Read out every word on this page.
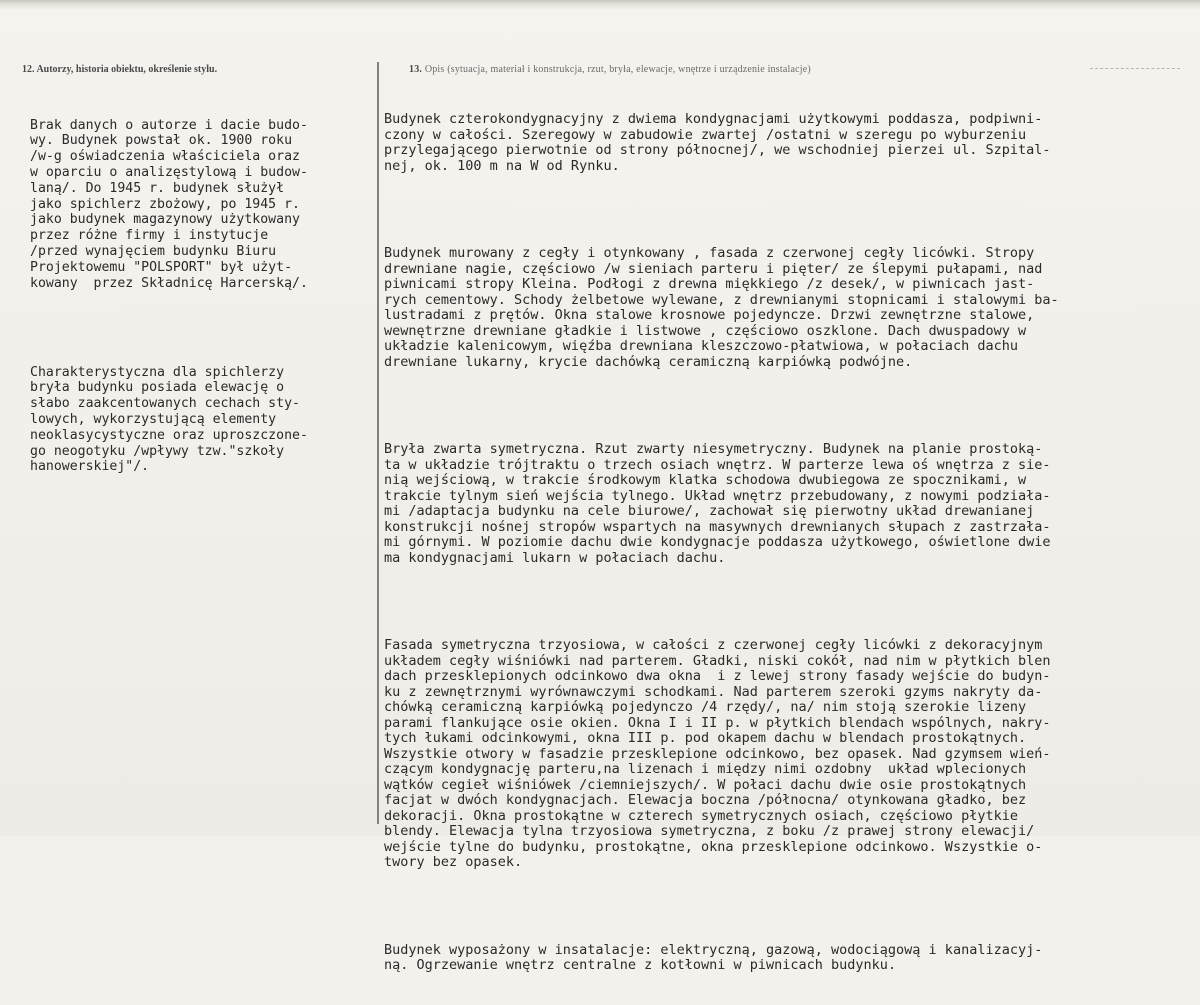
12. Autorzy, historia obiektu, określenie stylu.	13. Opis (sytuacja, materiał i konstrukcja, rzut, bryła, elewacje, wnętrze i urządzenie instalacje)

Brak danych o autorze i dacie budo-
wy. Budynek powstał ok. 1900 roku
/w-g oświadczenia właściciela oraz
w oparciu o analizęstylową i budow-
laną/. Do 1945 r. budynek służył
jako spichlerz zbożowy, po 1945 r.
jako budynek magazynowy użytkowany
przez różne firmy i instytucje
/przed wynajęciem budynku Biuru
Projektowemu "POLSPORT" był użyt-
kowany  przez Składnicę Harcerską/.

Charakterystyczna dla spichlerzy
bryła budynku posiada elewację o
słabo zaakcentowanych cechach sty-
lowych, wykorzystującą elementy
neoklasycystyczne oraz uproszczone-
go neogotyku /wpływy tzw."szkoły
hanowerskiej"/.

Budynek czterokondygnacyjny z dwiema kondygnacjami użytkowymi poddasza, podpiwni-
czony w całości. Szeregowy w zabudowie zwartej /ostatni w szeregu po wyburzeniu
przylegającego pierwotnie od strony północnej/, we wschodniej pierzei ul. Szpital-
nej, ok. 100 m na W od Rynku.

Budynek murowany z cegły i otynkowany , fasada z czerwonej cegły licówki. Stropy
drewniane nagie, częściowo /w sieniach parteru i pięter/ ze ślepymi pułapami, nad
piwnicami stropy Kleina. Podłogi z drewna miękkiego /z desek/, w piwnicach jast-
rych cementowy. Schody żelbetowe wylewane, z drewnianymi stopnicami i stalowymi ba-
lustradami z prętów. Okna stalowe krosnowe pojedyncze. Drzwi zewnętrzne stalowe,
wewnętrzne drewniane gładkie i listwowe , częściowo oszklone. Dach dwuspadowy w
układzie kalenicowym, więźba drewniana kleszczowo-płatwiowa, w połaciach dachu
drewniane lukarny, krycie dachówką ceramiczną karpiówką podwójne.

Bryła zwarta symetryczna. Rzut zwarty niesymetryczny. Budynek na planie prostoką-
ta w układzie trójtraktu o trzech osiach wnętrz. W parterze lewa oś wnętrza z sie-
nią wejściową, w trakcie środkowym klatka schodowa dwubiegowa ze spocznikami, w
trakcie tylnym sień wejścia tylnego. Układ wnętrz przebudowany, z nowymi podziała-
mi /adaptacja budynku na cele biurowe/, zachował się pierwotny układ drewanianej
konstrukcji nośnej stropów wspartych na masywnych drewnianych słupach z zastrzała-
mi górnymi. W poziomie dachu dwie kondygnacje poddasza użytkowego, oświetlone dwie
ma kondygnacjami lukarn w połaciach dachu.

Fasada symetryczna trzyosiowa, w całości z czerwonej cegły licówki z dekoracyjnym
układem cegły wiśniówki nad parterem. Gładki, niski cokół, nad nim w płytkich blen
dach przesklepionych odcinkowo dwa okna  i z lewej strony fasady wejście do budyn-
ku z zewnętrznymi wyrównawczymi schodkami. Nad parterem szeroki gzyms nakryty da-
chówką ceramiczną karpiówką pojedynczo /4 rzędy/, na/ nim stoją szerokie lizeny
parami flankujące osie okien. Okna I i II p. w płytkich blendach wspólnych, nakry-
tych łukami odcinkowymi, okna III p. pod okapem dachu w blendach prostokątnych.
Wszystkie otwory w fasadzie przesklepione odcinkowo, bez opasek. Nad gzymsem wień-
czącym kondygnację parteru,na lizenach i między nimi ozdobny  układ wplecionych
wątków cegieł wiśniówek /ciemniejszych/. W połaci dachu dwie osie prostokątnych
facjat w dwóch kondygnacjach. Elewacja boczna /północna/ otynkowana gładko, bez
dekoracji. Okna prostokątne w czterech symetrycznych osiach, częściowo płytkie
blendy. Elewacja tylna trzyosiowa symetryczna, z boku /z prawej strony elewacji/
wejście tylne do budynku, prostokątne, okna przesklepione odcinkowo. Wszystkie o-
twory bez opasek.

Budynek wyposażony w insatalacje: elektryczną, gazową, wodociągową i kanalizacyj-
ną. Ogrzewanie wnętrz centralne z kotłowni w piwnicach budynku.
